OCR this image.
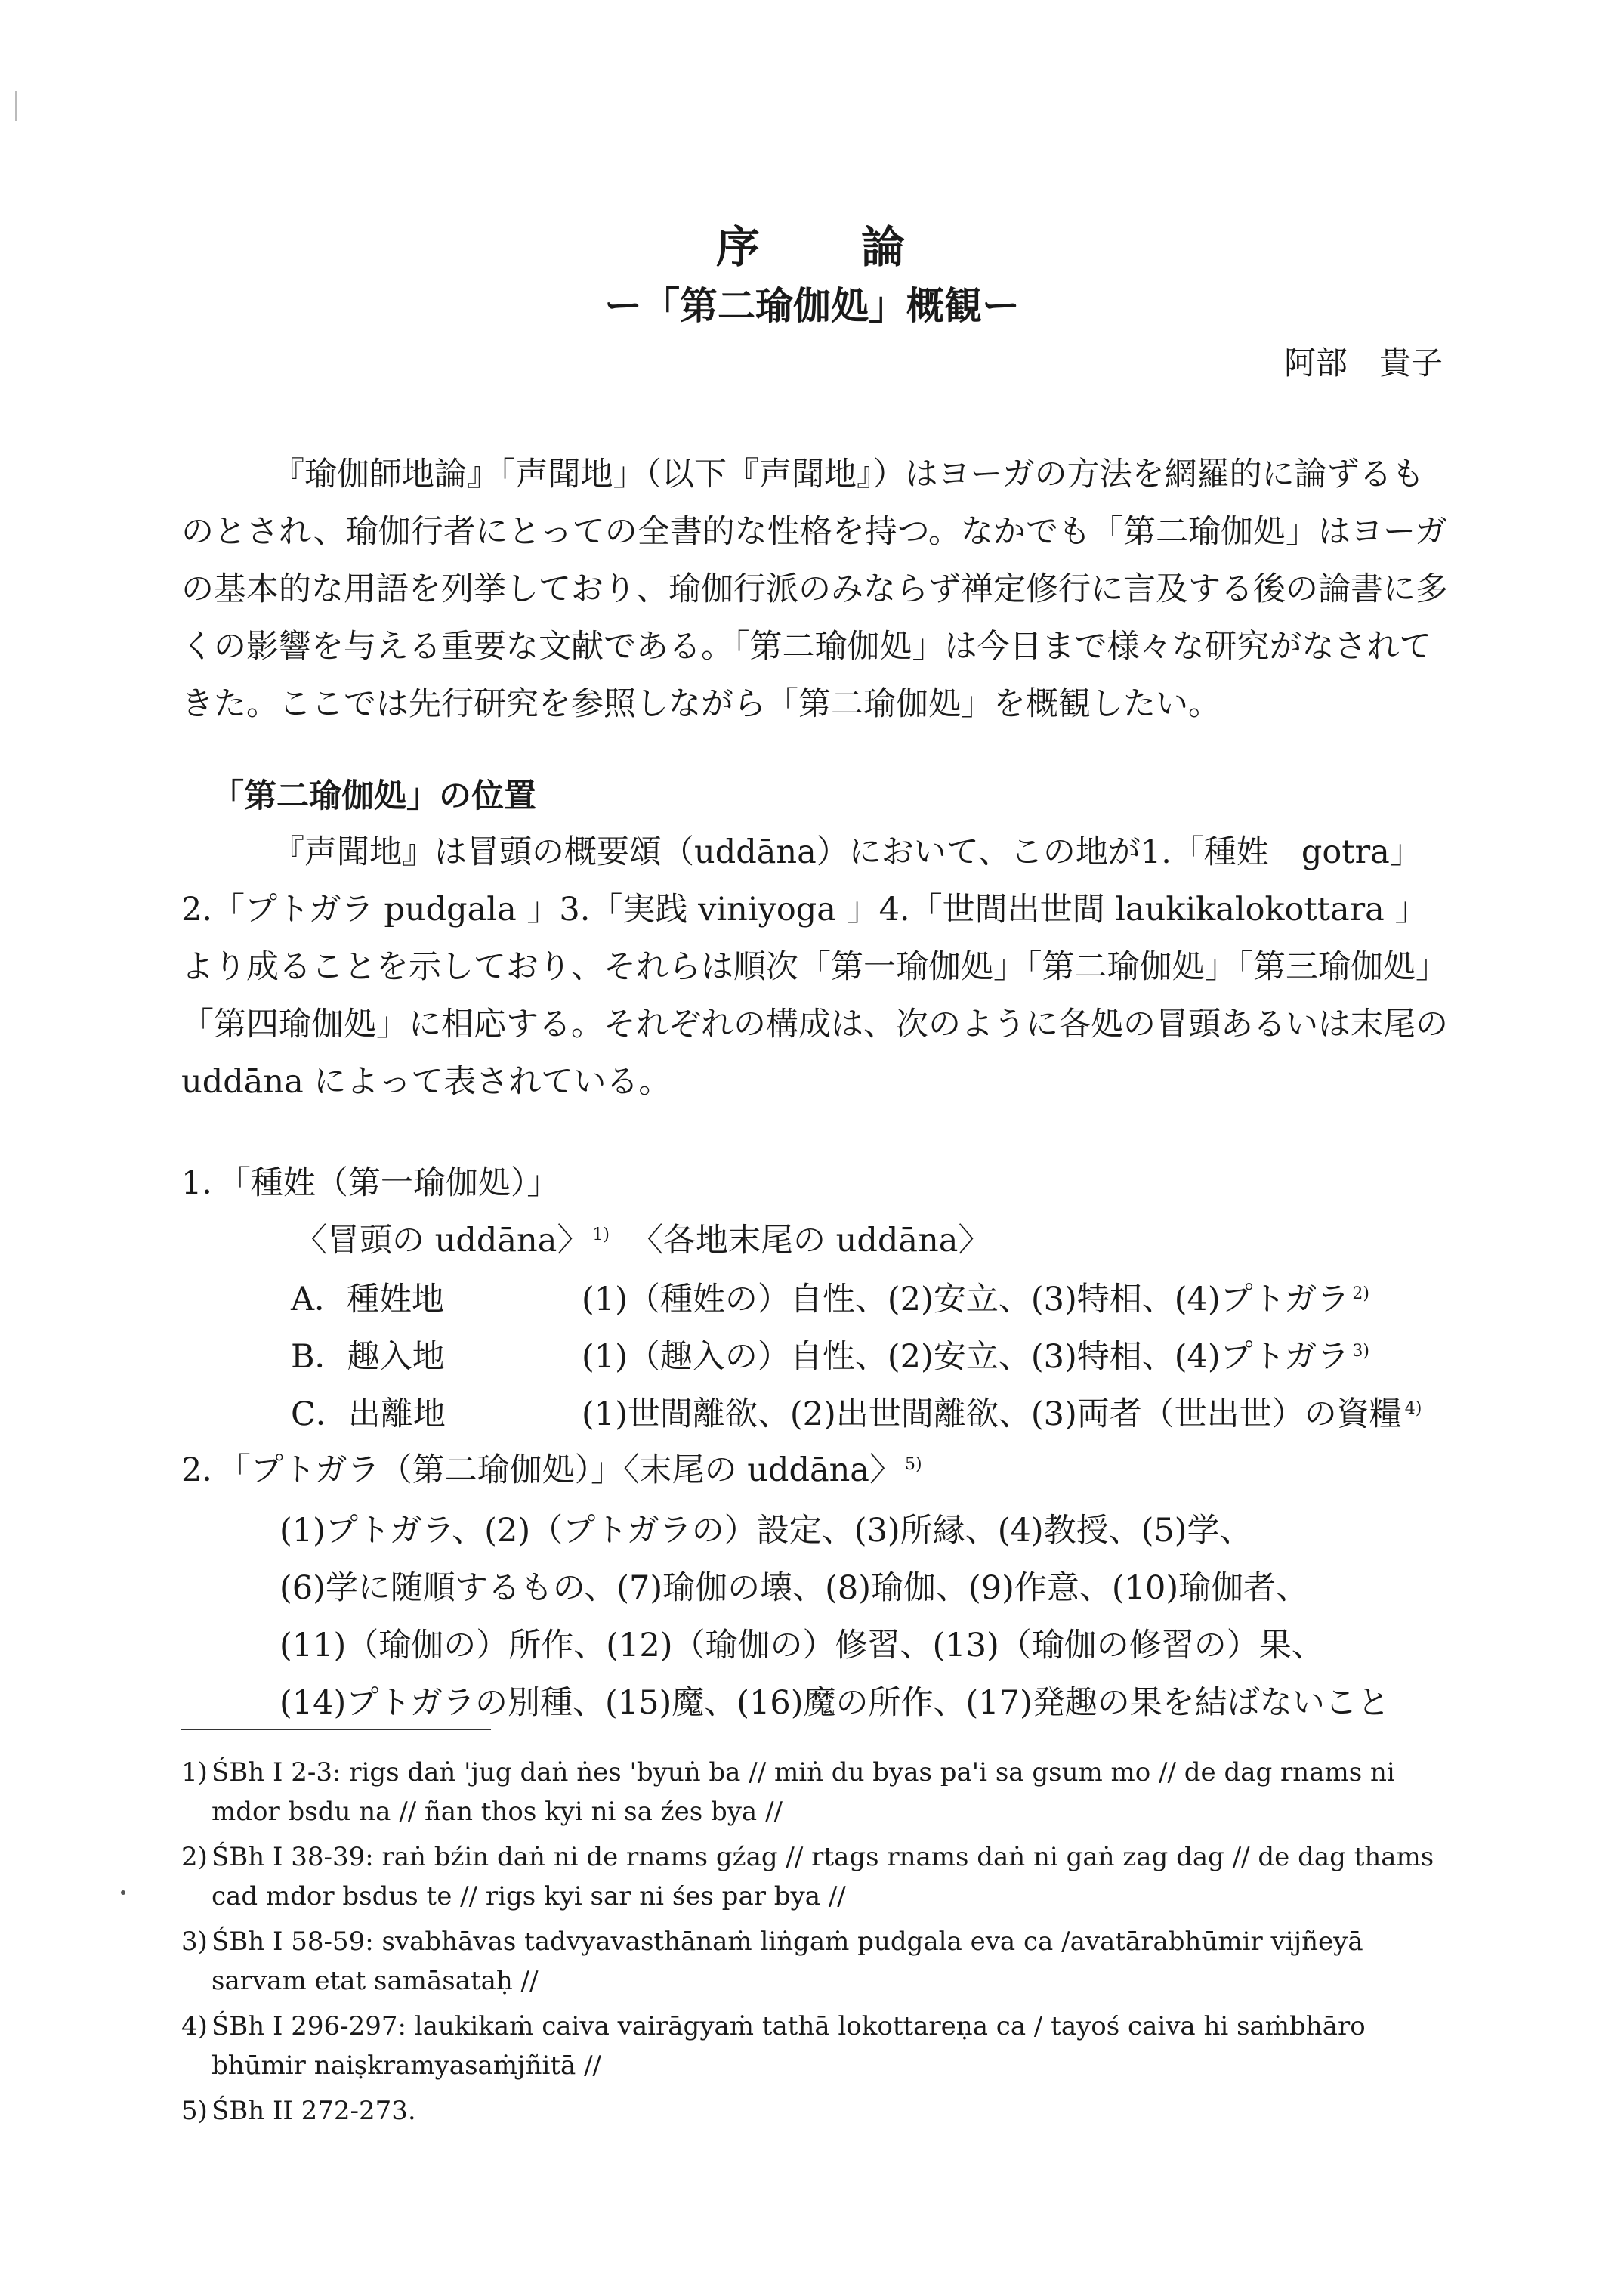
序 論
ー「第二瑜伽処」概観ー
阿部　貴子
『瑜伽師地論』「声聞地」（以下『声聞地』）はヨーガの方法を網羅的に論ずるものとされ、瑜伽行者にとっての全書的な性格を持つ。なかでも「第二瑜伽処」はヨーガの基本的な用語を列挙しており、瑜伽行派のみならず禅定修行に言及する後の論書に多くの影響を与える重要な文献である。「第二瑜伽処」は今日まで様々な研究がなされてきた。ここでは先行研究を参照しながら「第二瑜伽処」を概観したい。
「第二瑜伽処」の位置
『声聞地』は冒頭の概要頌（uddāna）において、この地が1.「種姓　gotra」2.「プトガラ pudgala 」3.「実践 viniyoga 」4.「世間出世間 laukikalokottara 」より成ることを示しており、それらは順次「第一瑜伽処」「第二瑜伽処」「第三瑜伽処」「第四瑜伽処」に相応する。それぞれの構成は、次のように各処の冒頭あるいは末尾の uddāna によって表されている。
1．「種姓（第一瑜伽処）」
〈冒頭の uddāna〉 $^{1)}$ 〈各地末尾の uddāna〉
A．種姓地	(1)（種姓の）自性、(2)安立、(3)特相、(4)プトガラ $^{2)}$
B．趣入地	(1)（趣入の）自性、(2)安立、(3)特相、(4)プトガラ $^{3)}$
C．出離地	(1)世間離欲、(2)出世間離欲、(3)両者（世出世）の資糧 $^{4)}$
2．「プトガラ（第二瑜伽処）」〈末尾の uddāna〉 $^{5)}$
(1)プトガラ、(2)（プトガラの）設定、(3)所縁、(4)教授、(5)学、
(6)学に随順するもの、(7)瑜伽の壊、(8)瑜伽、(9)作意、(10)瑜伽者、
(11)（瑜伽の）所作、(12)（瑜伽の）修習、(13)（瑜伽の修習の）果、
(14)プトガラの別種、(15)魔、(16)魔の所作、(17)発趣の果を結ばないこと
1) ŚBh I 2-3: rigs daṅ 'jug daṅ ṅes 'byuṅ ba // miṅ du byas pa'i sa gsum mo // de dag rnams ni
mdor bsdu na // ñan thos kyi ni sa źes bya //
2) ŚBh I 38-39: raṅ bźin daṅ ni de rnams gźag // rtags rnams daṅ ni gaṅ zag dag // de dag thams
cad mdor bsdus te // rigs kyi sar ni śes par bya //
3) ŚBh I 58-59: svabhāvas tadvyavasthānaṁ liṅgaṁ pudgala eva ca /avatārabhūmir vijñeyā
sarvam etat samāsataḥ //
4) ŚBh I 296-297: laukikaṁ caiva vairāgyaṁ tathā lokottareṇa ca / tayoś caiva hi saṁbhāro
bhūmir naiṣkramyasaṁjñitā //
5) ŚBh II 272-273.
